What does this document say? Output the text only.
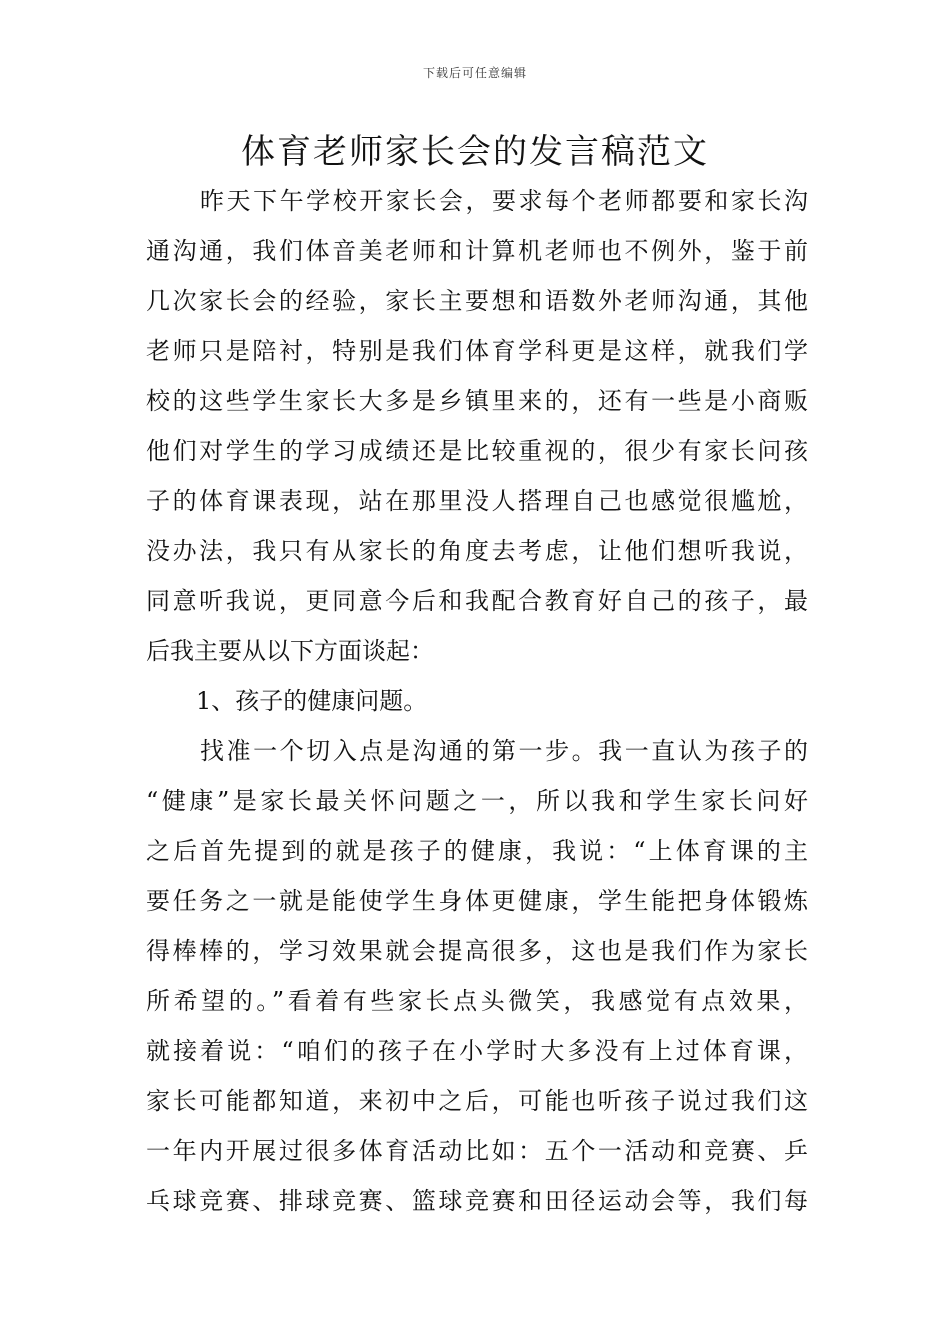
下载后可任意编辑
体育老师家长会的发言稿范文
昨天下午学校开家长会，要求每个老师都要和家长沟
通沟通，我们体音美老师和计算机老师也不例外，鉴于前
几次家长会的经验，家长主要想和语数外老师沟通，其他
老师只是陪衬，特别是我们体育学科更是这样，就我们学
校的这些学生家长大多是乡镇里来的，还有一些是小商贩
他们对学生的学习成绩还是比较重视的，很少有家长问孩
子的体育课表现，站在那里没人搭理自己也感觉很尴尬，
没办法，我只有从家长的角度去考虑，让他们想听我说，
同意听我说，更同意今后和我配合教育好自己的孩子，最
后我主要从以下方面谈起：
1、孩子的健康问题。
找准一个切入点是沟通的第一步。我一直认为孩子的
“健康”是家长最关怀问题之一，所以我和学生家长问好
之后首先提到的就是孩子的健康，我说：“上体育课的主
要任务之一就是能使学生身体更健康，学生能把身体锻炼
得棒棒的，学习效果就会提高很多，这也是我们作为家长
所希望的。”看着有些家长点头微笑，我感觉有点效果，
就接着说：“咱们的孩子在小学时大多没有上过体育课，
家长可能都知道，来初中之后，可能也听孩子说过我们这
一年内开展过很多体育活动比如：五个一活动和竞赛、乒
乓球竞赛、排球竞赛、篮球竞赛和田径运动会等，我们每
